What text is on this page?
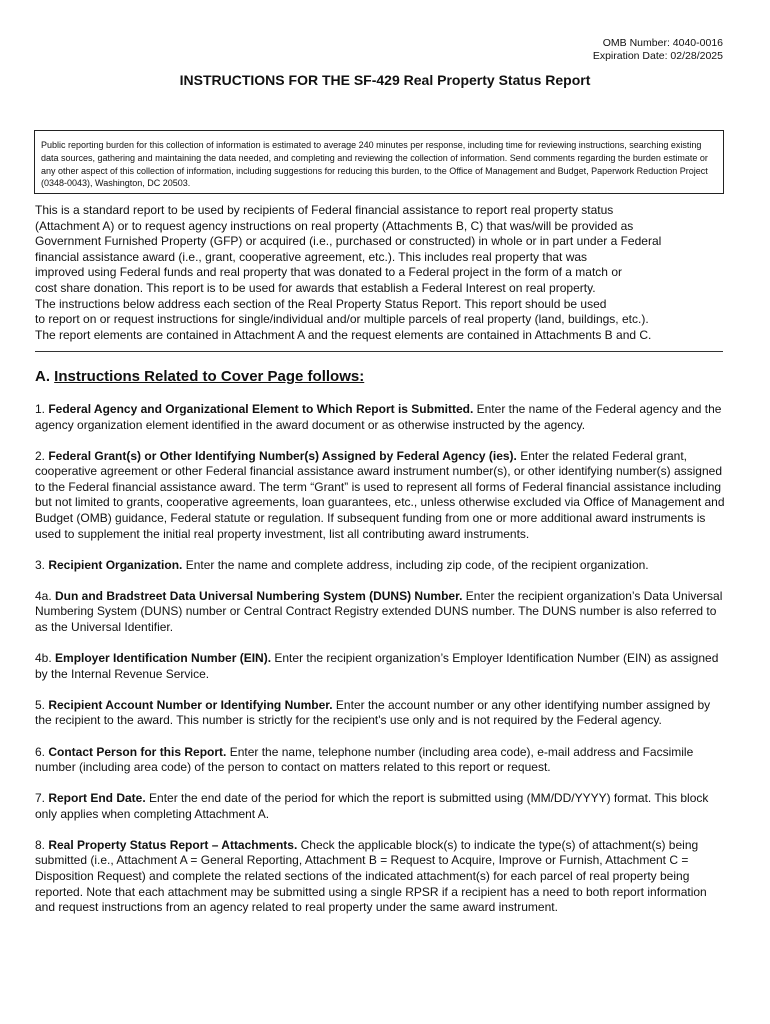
OMB Number: 4040-0016
Expiration Date: 02/28/2025
INSTRUCTIONS FOR THE SF-429 Real Property Status Report
Public reporting burden for this collection of information is estimated to average 240 minutes per response, including time for reviewing instructions, searching existing data sources, gathering and maintaining the data needed, and completing and reviewing the collection of information. Send comments regarding the burden estimate or any other aspect of this collection of information, including suggestions for reducing this burden, to the Office of Management and Budget, Paperwork Reduction Project (0348-0043), Washington, DC 20503.
This is a standard report to be used by recipients of Federal financial assistance to report real property status
(Attachment A) or to request agency instructions on real property (Attachments B, C) that was/will be provided as
Government Furnished Property (GFP) or acquired (i.e., purchased or constructed) in whole or in part under a Federal
financial assistance award (i.e., grant, cooperative agreement, etc.). This includes real property that was
improved using Federal funds and real property that was donated to a Federal project in the form of a match or
cost share donation. This report is to be used for awards that establish a Federal Interest on real property.
The instructions below address each section of the Real Property Status Report. This report should be used
to report on or request instructions for single/individual and/or multiple parcels of real property (land, buildings, etc.).
The report elements are contained in Attachment A and the request elements are contained in Attachments B and C.
A. Instructions Related to Cover Page follows:

1. Federal Agency and Organizational Element to Which Report is Submitted. Enter the name of the Federal agency and the agency organization element identified in the award document or as otherwise instructed by the agency.

2. Federal Grant(s) or Other Identifying Number(s) Assigned by Federal Agency (ies). Enter the related Federal grant, cooperative agreement or other Federal financial assistance award instrument number(s), or other identifying number(s) assigned to the Federal financial assistance award. The term “Grant” is used to represent all forms of Federal financial assistance including but not limited to grants, cooperative agreements, loan guarantees, etc., unless otherwise excluded via Office of Management and Budget (OMB) guidance, Federal statute or regulation. If subsequent funding from one or more additional award instruments is used to supplement the initial real property investment, list all contributing award instruments.

3. Recipient Organization. Enter the name and complete address, including zip code, of the recipient organization.

4a. Dun and Bradstreet Data Universal Numbering System (DUNS) Number. Enter the recipient organization’s Data Universal Numbering System (DUNS) number or Central Contract Registry extended DUNS number. The DUNS number is also referred to as the Universal Identifier.

4b. Employer Identification Number (EIN). Enter the recipient organization’s Employer Identification Number (EIN) as assigned by the Internal Revenue Service.

5. Recipient Account Number or Identifying Number. Enter the account number or any other identifying number assigned by the recipient to the award. This number is strictly for the recipient's use only and is not required by the Federal agency.

6. Contact Person for this Report. Enter the name, telephone number (including area code), e-mail address and Facsimile number (including area code) of the person to contact on matters related to this report or request.

7. Report End Date. Enter the end date of the period for which the report is submitted using (MM/DD/YYYY) format. This block only applies when completing Attachment A.

8. Real Property Status Report – Attachments. Check the applicable block(s) to indicate the type(s) of attachment(s) being submitted (i.e., Attachment A = General Reporting, Attachment B = Request to Acquire, Improve or Furnish, Attachment C = Disposition Request) and complete the related sections of the indicated attachment(s) for each parcel of real property being reported. Note that each attachment may be submitted using a single RPSR if a recipient has a need to both report information and request instructions from an agency related to real property under the same award instrument.
